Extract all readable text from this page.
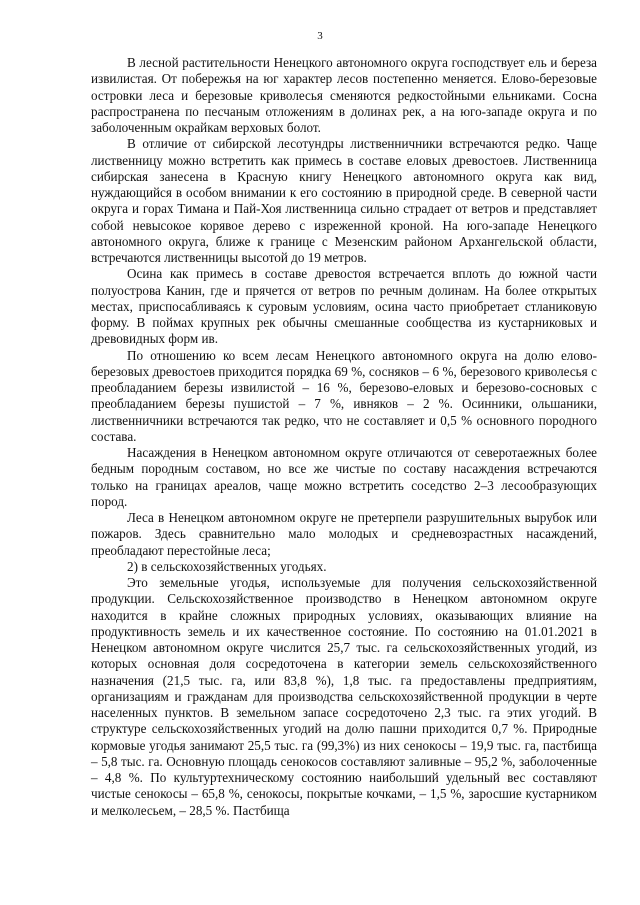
3

В лесной растительности Ненецкого автономного округа господствует ель и береза извилистая. От побережья на юг характер лесов постепенно меняется. Елово-березовые островки леса и березовые криволесья сменяются редкостойными ельниками. Сосна распространена по песчаным отложениям в долинах рек, а на юго-западе округа и по заболоченным окрайкам верховых болот.

В отличие от сибирской лесотундры лиственничники встречаются редко. Чаще лиственницу можно встретить как примесь в составе еловых древостоев. Лиственница сибирская занесена в Красную книгу Ненецкого автономного округа как вид, нуждающийся в особом внимании к его состоянию в природной среде. В северной части округа и горах Тимана и Пай-Хоя лиственница сильно страдает от ветров и представляет собой невысокое корявое дерево с изреженной кроной. На юго-западе Ненецкого автономного округа, ближе к границе с Мезенским районом Архангельской области, встречаются лиственницы высотой до 19 метров.

Осина как примесь в составе древостоя встречается вплоть до южной части полуострова Канин, где и прячется от ветров по речным долинам. На более открытых местах, приспосабливаясь к суровым условиям, осина часто приобретает стланиковую форму. В поймах крупных рек обычны смешанные сообщества из кустарниковых и древовидных форм ив.

По отношению ко всем лесам Ненецкого автономного округа на долю елово-березовых древостоев приходится порядка 69 %, сосняков – 6 %, березового криволесья с преобладанием березы извилистой – 16 %, березово-еловых и березово-сосновых с преобладанием березы пушистой – 7 %, ивняков – 2 %. Осинники, ольшаники, лиственничники встречаются так редко, что не составляет и 0,5 % основного породного состава.

Насаждения в Ненецком автономном округе отличаются от северотаежных более бедным породным составом, но все же чистые по составу насаждения встречаются только на границах ареалов, чаще можно встретить соседство 2–3 лесообразующих пород.

Леса в Ненецком автономном округе не претерпели разрушительных вырубок или пожаров. Здесь сравнительно мало молодых и средневозрастных насаждений, преобладают перестойные леса;

2) в сельскохозяйственных угодьях.

Это земельные угодья, используемые для получения сельскохозяйственной продукции. Сельскохозяйственное производство в Ненецком автономном округе находится в крайне сложных природных условиях, оказывающих влияние на продуктивность земель и их качественное состояние. По состоянию на 01.01.2021 в Ненецком автономном округе числится 25,7 тыс. га сельскохозяйственных угодий, из которых основная доля сосредоточена в категории земель сельскохозяйственного назначения (21,5 тыс. га, или 83,8 %), 1,8 тыс. га предоставлены предприятиям, организациям и гражданам для производства сельскохозяйственной продукции в черте населенных пунктов. В земельном запасе сосредоточено 2,3 тыс. га этих угодий. В структуре сельскохозяйственных угодий на долю пашни приходится 0,7 %. Природные кормовые угодья занимают 25,5 тыс. га (99,3%) из них сенокосы – 19,9 тыс. га, пастбища – 5,8 тыс. га. Основную площадь сенокосов составляют заливные – 95,2 %, заболоченные – 4,8 %. По культуртехническому состоянию наибольший удельный вес составляют чистые сенокосы – 65,8 %, сенокосы, покрытые кочками, – 1,5 %, заросшие кустарником и мелколесьем, – 28,5 %. Пастбища
